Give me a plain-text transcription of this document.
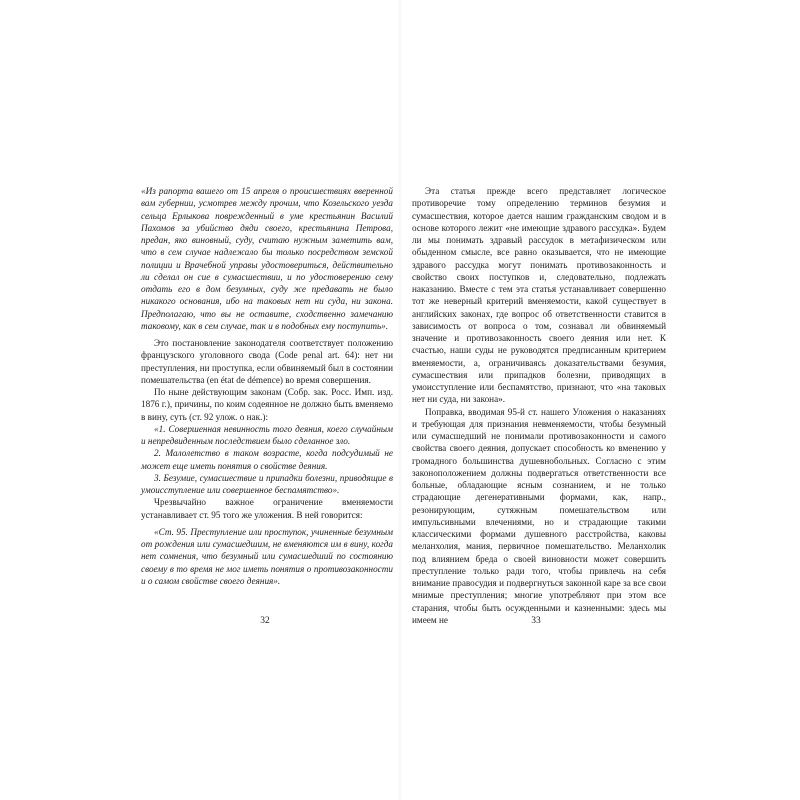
«Из рапорта вашего от 15 апреля о происшествиях вверенной вам губернии, усмотрев между прочим, что Козельского уезда сельца Ерлыкова поврежденный в уме крестьянин Василий Пахомов за убийство дяди своего, крестьянина Петрова, предан, яко виновный, суду, считаю нужным заметить вам, что в сем случае надлежало бы только посредством земской полиции и Врачебной управы удостовериться, действительно ли сделал он сие в сумасшествии, и по удостоверению сему отдать его в дом безумных, суду же предавать не было никакого основания, ибо на таковых нет ни суда, ни закона. Предполагаю, что вы не оставите, сходственно замечанию таковому, как в сем случае, так и в подобных ему поступить».

Это постановление законодателя соответствует положению французского уголовного свода (Code penal art. 64): нет ни преступления, ни проступка, если обвиняемый был в состоянии помешательства (en état de démence) во время совершения.

По ныне действующим законам (Собр. зак. Росс. Имп. изд. 1876 г.), причины, по коим содеянное не должно быть вменяемо в вину, суть (ст. 92 улож. о нак.):

«1. Совершенная невинность того деяния, коего случайным и непредвиденным последствием было сделанное зло.

2. Малолетство в таком возрасте, когда подсудимый не может еще иметь понятия о свойстве деяния.

3. Безумие, сумасшествие и припадки болезни, приводящие в умоисступление или совершенное беспамятство».

Чрезвычайно важное ограничение вменяемости устанавливает ст. 95 того же уложения. В ней говорится:

«Ст. 95. Преступление или проступок, учиненные безумным от рождения или сумасшедшим, не вменяются им в вину, когда нет сомнения, что безумный или сумасшедший по состоянию своему в то время не мог иметь понятия о противозаконности и о самом свойстве своего деяния».

32

Эта статья прежде всего представляет логическое противоречие тому определению терминов безумия и сумасшествия, которое дается нашим гражданским сводом и в основе которого лежит «не имеющие здравого рассудка». Будем ли мы понимать здравый рассудок в метафизическом или обыденном смысле, все равно оказывается, что не имеющие здравого рассудка могут понимать противозаконность и свойство своих поступков и, следовательно, подлежать наказанию. Вместе с тем эта статья устанавливает совершенно тот же неверный критерий вменяемости, какой существует в английских законах, где вопрос об ответственности ставится в зависимость от вопроса о том, сознавал ли обвиняемый значение и противозаконность своего деяния или нет. К счастью, наши суды не руководятся предписанным критерием вменяемости, а, ограничиваясь доказательствами безумия, сумасшествия или припадков болезни, приводящих в умоисступление или беспамятство, признают, что «на таковых нет ни суда, ни закона».

Поправка, вводимая 95-й ст. нашего Уложения о наказаниях и требующая для признания невменяемости, чтобы безумный или сумасшедший не понимали противозаконности и самого свойства своего деяния, допускает способность ко вменению у громадного большинства душевнобольных. Согласно с этим законоположением должны подвергаться ответственности все больные, обладающие ясным сознанием, и не только страдающие дегенеративными формами, как, напр., резонирующим, сутяжным помешательством или импульсивными влечениями, но и страдающие такими классическими формами душевного расстройства, каковы меланхолия, мания, первичное помешательство. Меланхолик под влиянием бреда о своей виновности может совершить преступление только ради того, чтобы привлечь на себя внимание правосудия и подвергнуться законной каре за все свои мнимые преступления; многие употребляют при этом все старания, чтобы быть осужденными и казненными: здесь мы имеем не	33
